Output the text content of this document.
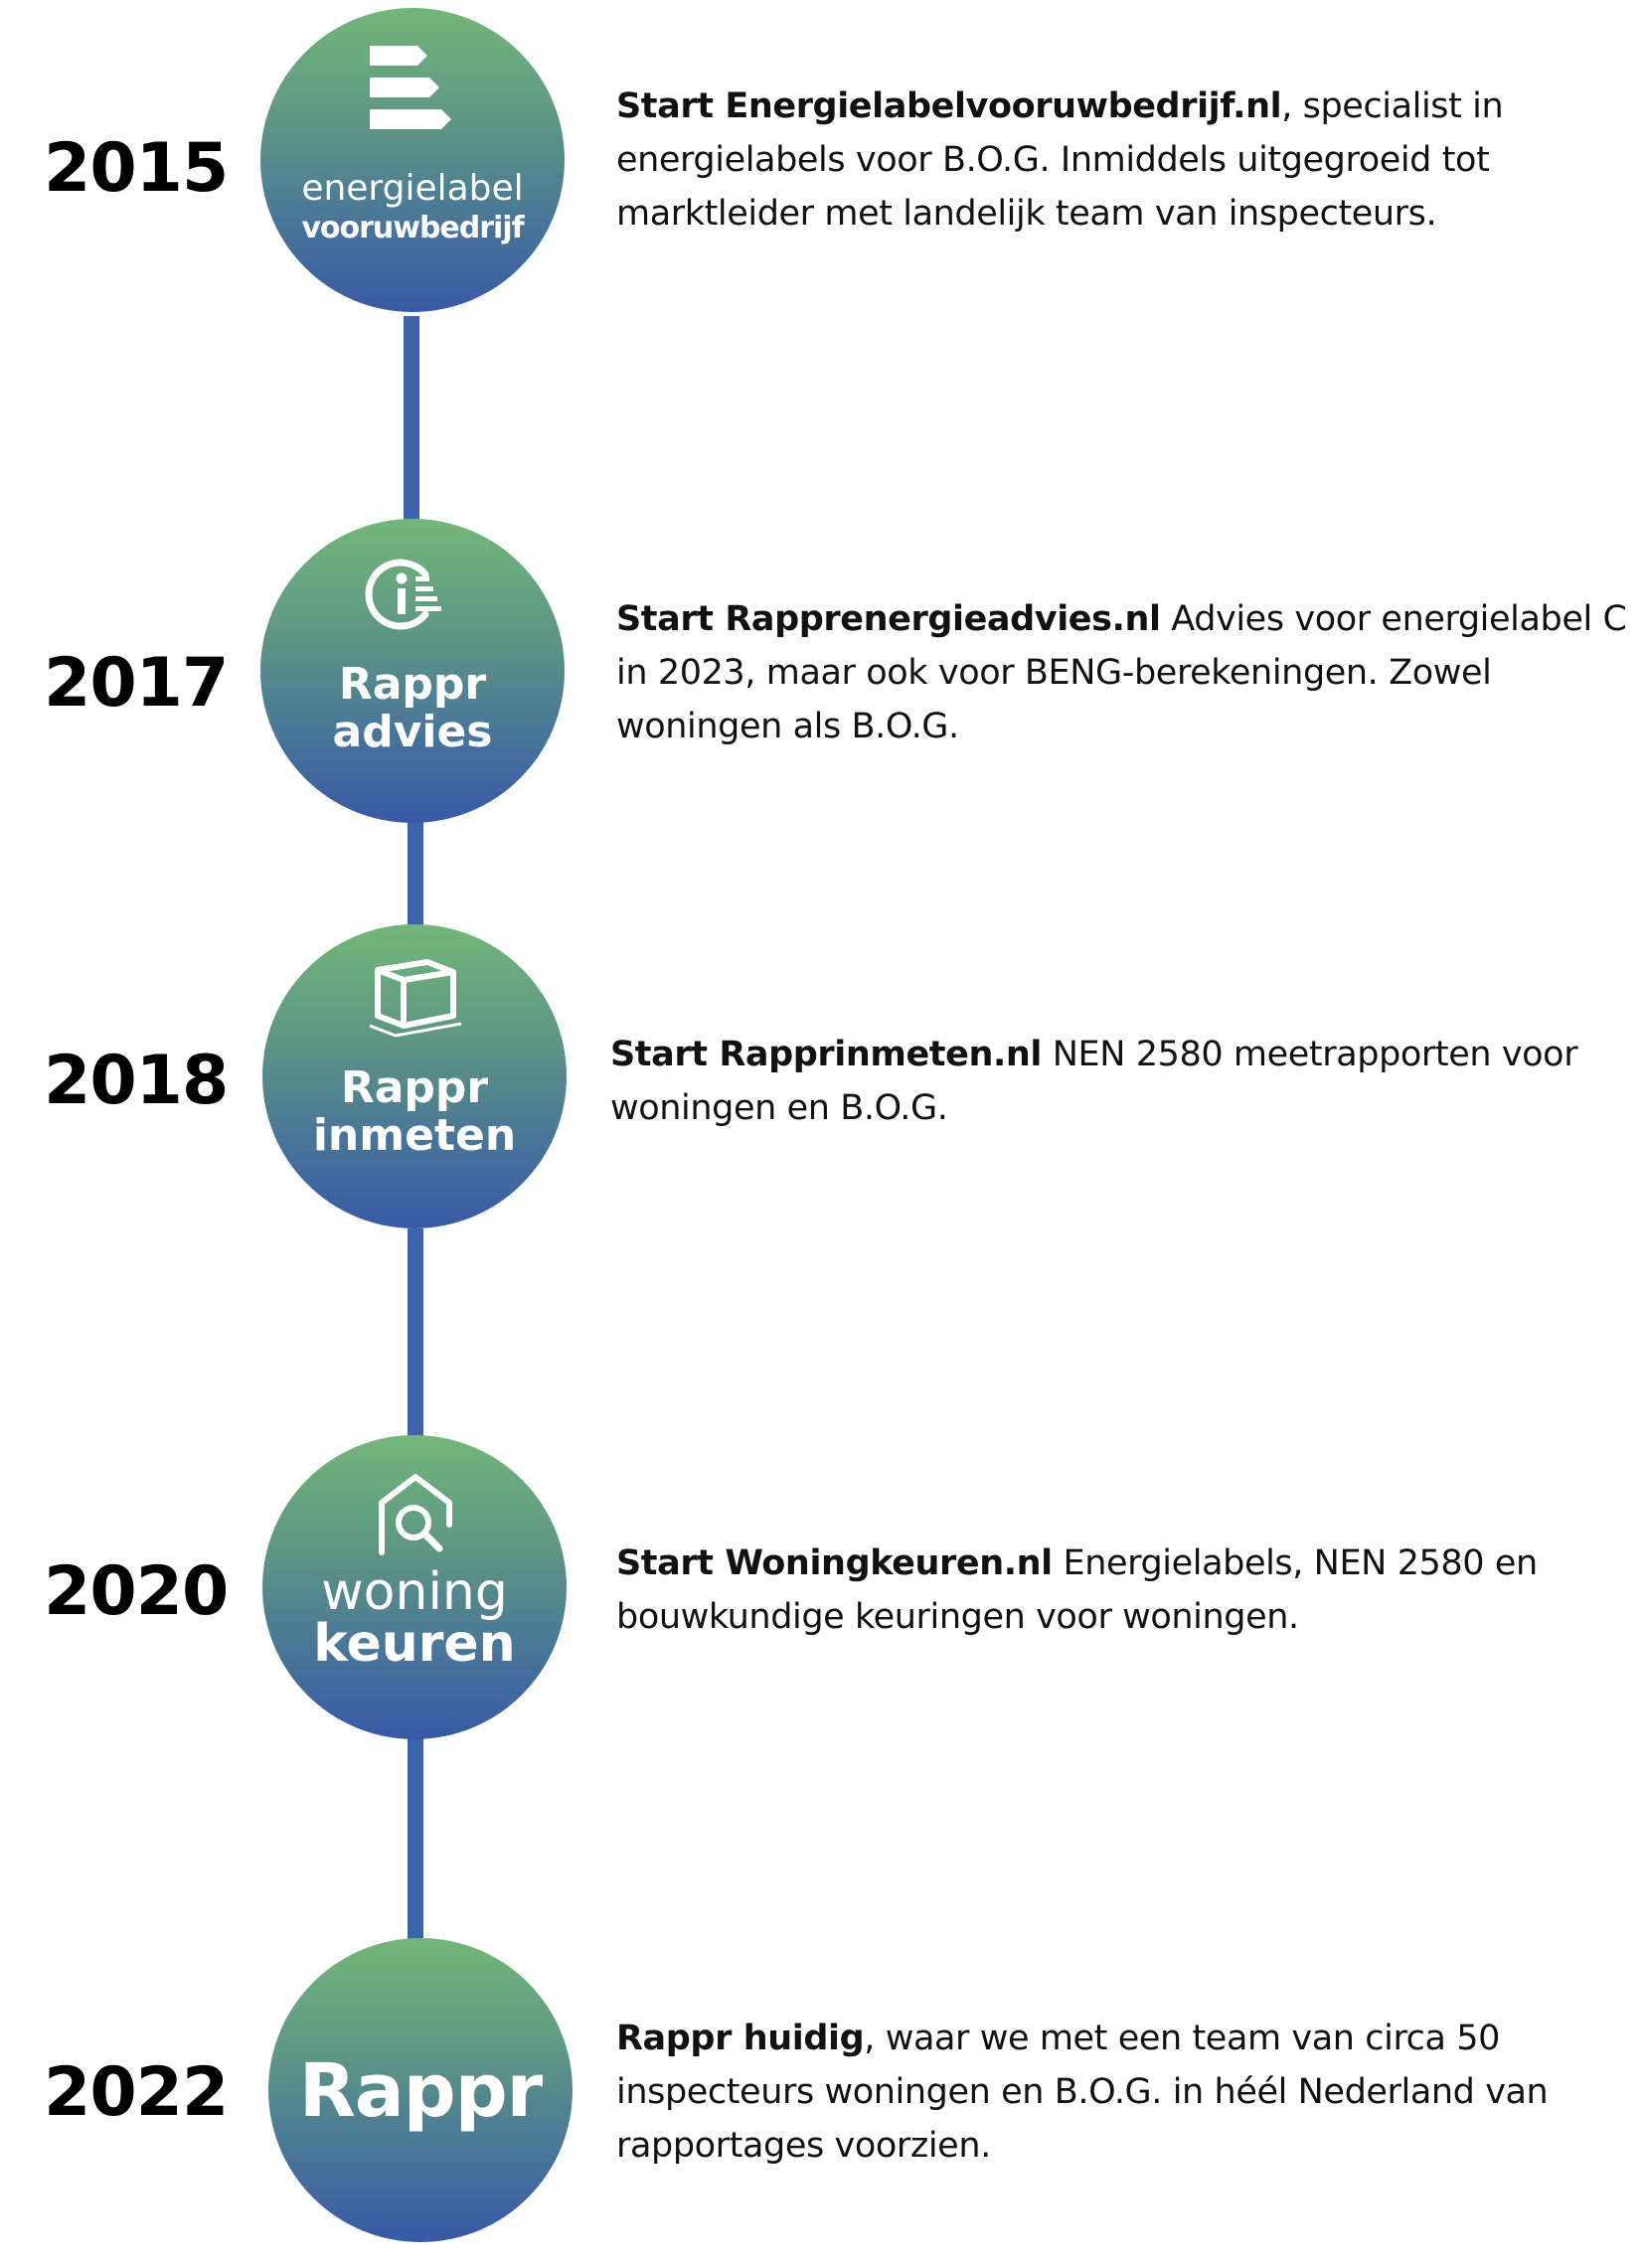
2015	energielabel
vooruwbedrijf
Start Energielabelvooruwbedrijf.nl, specialist in energielabels voor B.O.G. Inmiddels uitgegroeid tot marktleider met landelijk team van inspecteurs.
2017	Rappr
advies
Start Rapprenergieadvies.nl Advies voor energielabel C in 2023, maar ook voor BENG-berekeningen. Zowel woningen als B.O.G.
2018	Rappr
inmeten
Start Rapprinmeten.nl NEN 2580 meetrapporten voor woningen en B.O.G.
2020	woning
keuren
Start Woningkeuren.nl Energielabels, NEN 2580 en bouwkundige keuringen voor woningen.
2022 Rappr
Rappr huidig, waar we met een team van circa 50 inspecteurs woningen en B.O.G. in héél Nederland van rapportages voorzien.
